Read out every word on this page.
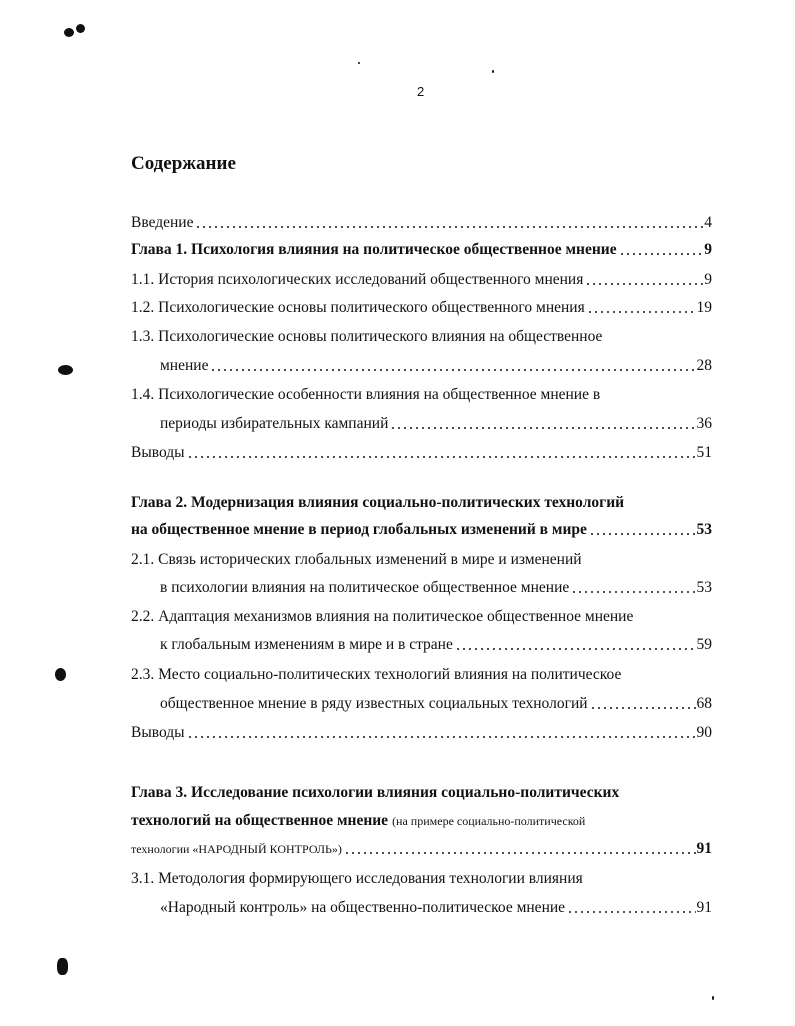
2
Содержание
Введение	4
Глава 1. Психология влияния на политическое общественное мнение	9
1.1. История психологических исследований общественного мнения	9
1.2. Психологические основы политического общественного мнения	19
1.3. Психологические основы политического влияния на общественное
мнение	28
1.4. Психологические особенности влияния на общественное мнение в
периоды избирательных кампаний	36
Выводы	51
Глава 2. Модернизация влияния социально-политических технологий
на общественное мнение в период глобальных изменений в мире	53
2.1. Связь исторических глобальных изменений в мире и изменений
в психологии влияния на политическое общественное мнение	53
2.2. Адаптация механизмов влияния на политическое общественное мнение
к глобальным изменениям в мире и в стране	59
2.3. Место социально-политических технологий влияния на политическое
общественное мнение в ряду известных социальных технологий	68
Выводы	90
Глава 3. Исследование психологии влияния социально-политических
технологий на общественное мнение (на примере социально-политической
технологии «НАРОДНЫЙ КОНТРОЛЬ»)	91
3.1. Методология формирующего исследования технологии влияния
«Народный контроль» на общественно-политическое мнение	91
